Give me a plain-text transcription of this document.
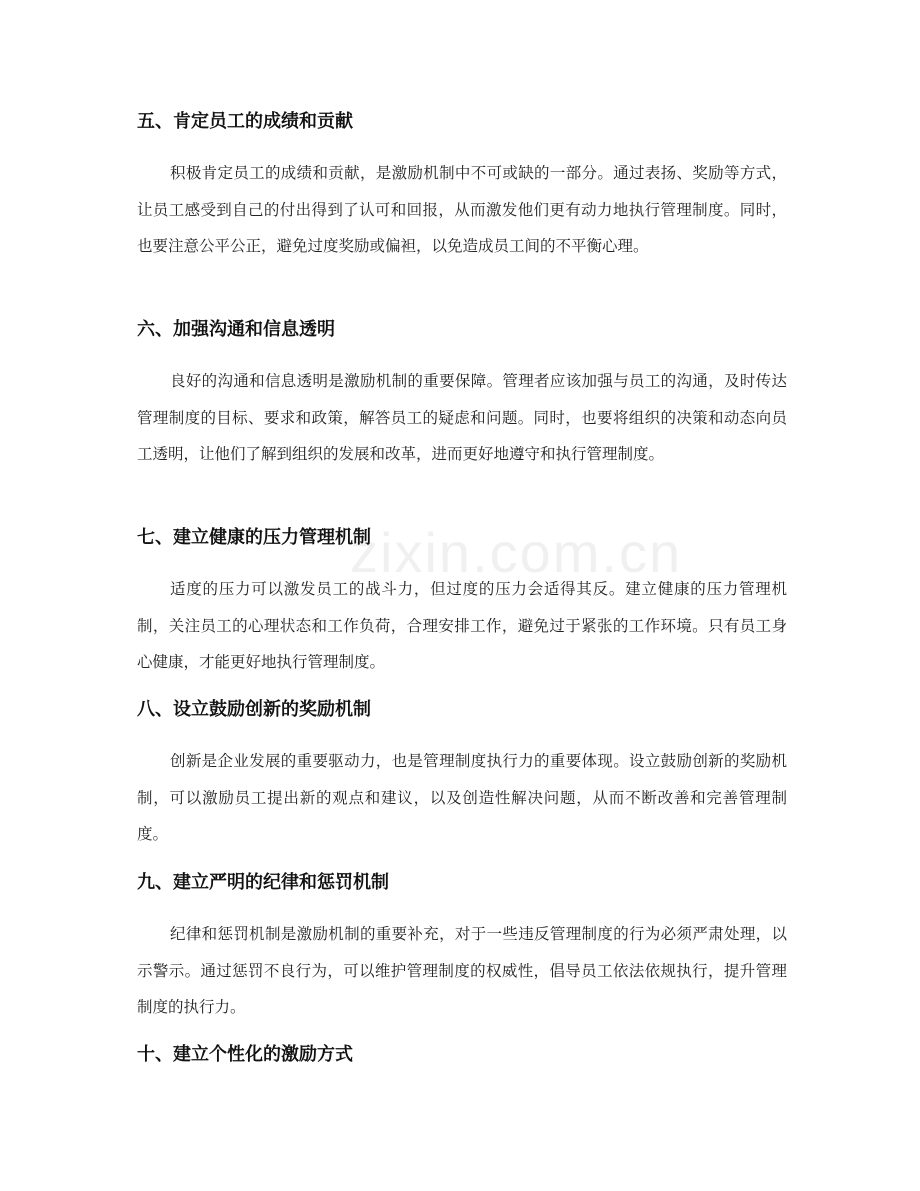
zixin.com.cn
五、肯定员工的成绩和贡献
积极肯定员工的成绩和贡献，是激励机制中不可或缺的一部分。通过表扬、奖励等方式，让员工感受到自己的付出得到了认可和回报，从而激发他们更有动力地执行管理制度。同时，也要注意公平公正，避免过度奖励或偏袒，以免造成员工间的不平衡心理。
六、加强沟通和信息透明
良好的沟通和信息透明是激励机制的重要保障。管理者应该加强与员工的沟通，及时传达管理制度的目标、要求和政策，解答员工的疑虑和问题。同时，也要将组织的决策和动态向员工透明，让他们了解到组织的发展和改革，进而更好地遵守和执行管理制度。
七、建立健康的压力管理机制
适度的压力可以激发员工的战斗力，但过度的压力会适得其反。建立健康的压力管理机制，关注员工的心理状态和工作负荷，合理安排工作，避免过于紧张的工作环境。只有员工身心健康，才能更好地执行管理制度。
八、设立鼓励创新的奖励机制
创新是企业发展的重要驱动力，也是管理制度执行力的重要体现。设立鼓励创新的奖励机制，可以激励员工提出新的观点和建议，以及创造性解决问题，从而不断改善和完善管理制度。
九、建立严明的纪律和惩罚机制
纪律和惩罚机制是激励机制的重要补充，对于一些违反管理制度的行为必须严肃处理，以示警示。通过惩罚不良行为，可以维护管理制度的权威性，倡导员工依法依规执行，提升管理制度的执行力。
十、建立个性化的激励方式
